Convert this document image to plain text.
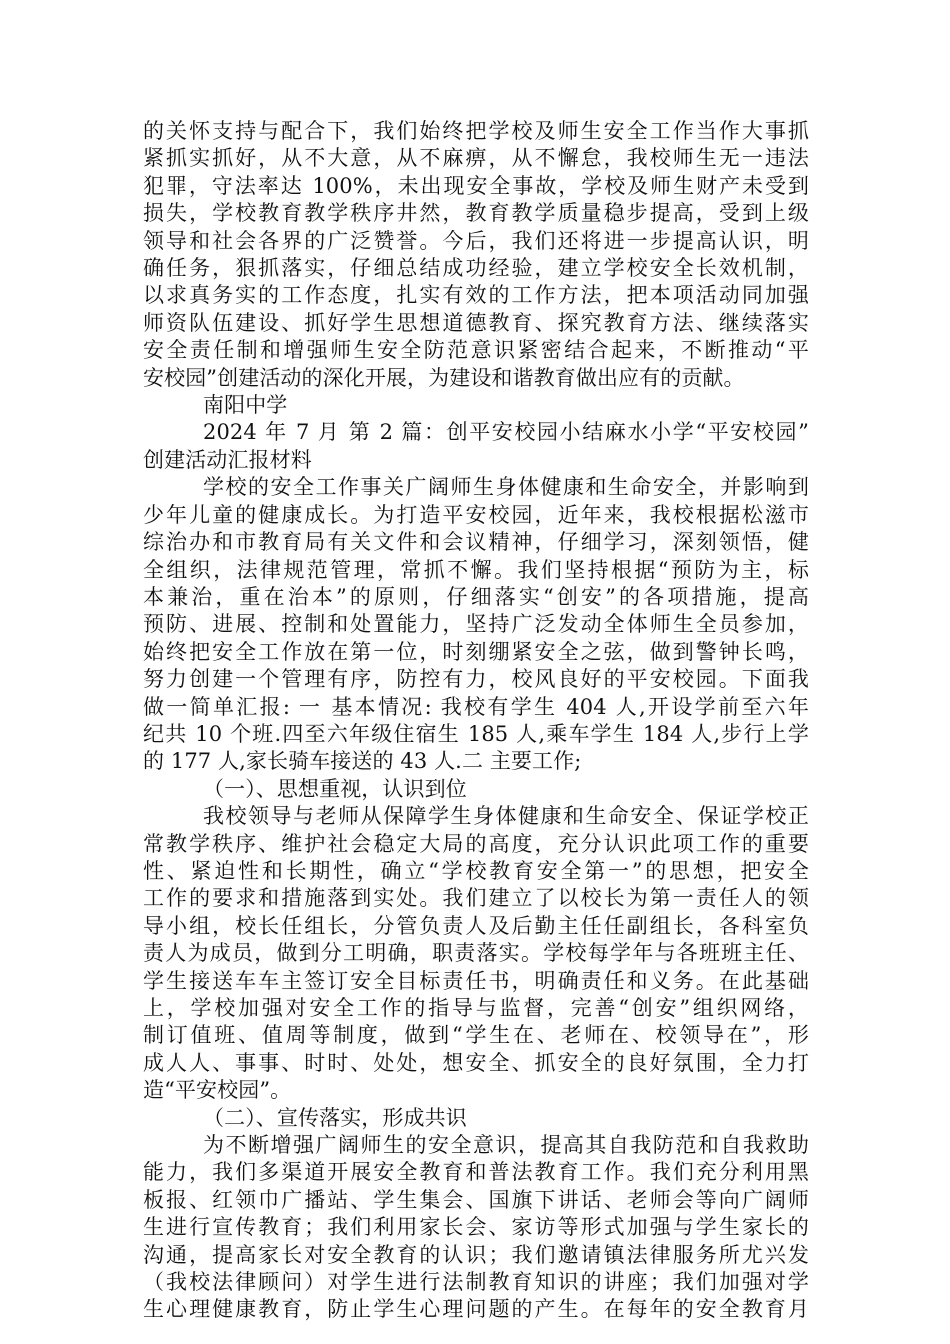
的关怀支持与配合下，我们始终把学校及师生安全工作当作大事抓
紧抓实抓好，从不大意，从不麻痹，从不懈怠，我校师生无一违法
犯罪，守法率达 100%，未出现安全事故，学校及师生财产未受到
损失，学校教育教学秩序井然，教育教学质量稳步提高，受到上级
领导和社会各界的广泛赞誉。今后，我们还将进一步提高认识，明
确任务，狠抓落实，仔细总结成功经验，建立学校安全长效机制，
以求真务实的工作态度，扎实有效的工作方法，把本项活动同加强
师资队伍建设、抓好学生思想道德教育、探究教育方法、继续落实
安全责任制和增强师生安全防范意识紧密结合起来，不断推动“平
安校园”创建活动的深化开展，为建设和谐教育做出应有的贡献。
南阳中学
2024 年 7 月 第 2 篇：创平安校园小结麻水小学“平安校园”
创建活动汇报材料
学校的安全工作事关广阔师生身体健康和生命安全，并影响到
少年儿童的健康成长。为打造平安校园，近年来，我校根据松滋市
综治办和市教育局有关文件和会议精神，仔细学习，深刻领悟，健
全组织，法律规范管理，常抓不懈。我们坚持根据“预防为主，标
本兼治，重在治本”的原则，仔细落实“创安”的各项措施，提高
预防、进展、控制和处置能力，坚持广泛发动全体师生全员参加，
始终把安全工作放在第一位，时刻绷紧安全之弦，做到警钟长鸣，
努力创建一个管理有序，防控有力，校风良好的平安校园。下面我
做一简单汇报: 一 基本情况: 我校有学生 404 人,开设学前至六年
纪共 10 个班.四至六年级住宿生 185 人,乘车学生 184 人,步行上学
的 177 人,家长骑车接送的 43 人.二 主要工作;
（一）、思想重视，认识到位
我校领导与老师从保障学生身体健康和生命安全、保证学校正
常教学秩序、维护社会稳定大局的高度，充分认识此项工作的重要
性、紧迫性和长期性，确立“学校教育安全第一”的思想，把安全
工作的要求和措施落到实处。我们建立了以校长为第一责任人的领
导小组，校长任组长，分管负责人及后勤主任任副组长，各科室负
责人为成员，做到分工明确，职责落实。学校每学年与各班班主任、
学生接送车车主签订安全目标责任书，明确责任和义务。在此基础
上，学校加强对安全工作的指导与监督，完善“创安”组织网络，
制订值班、值周等制度，做到“学生在、老师在、校领导在”，形
成人人、事事、时时、处处，想安全、抓安全的良好氛围，全力打
造“平安校园”。
（二）、宣传落实，形成共识
为不断增强广阔师生的安全意识，提高其自我防范和自我救助
能力，我们多渠道开展安全教育和普法教育工作。我们充分利用黑
板报、红领巾广播站、学生集会、国旗下讲话、老师会等向广阔师
生进行宣传教育；我们利用家长会、家访等形式加强与学生家长的
沟通，提高家长对安全教育的认识；我们邀请镇法律服务所尤兴发
（我校法律顾问）对学生进行法制教育知识的讲座；我们加强对学
生心理健康教育，防止学生心理问题的产生。在每年的安全教育月
